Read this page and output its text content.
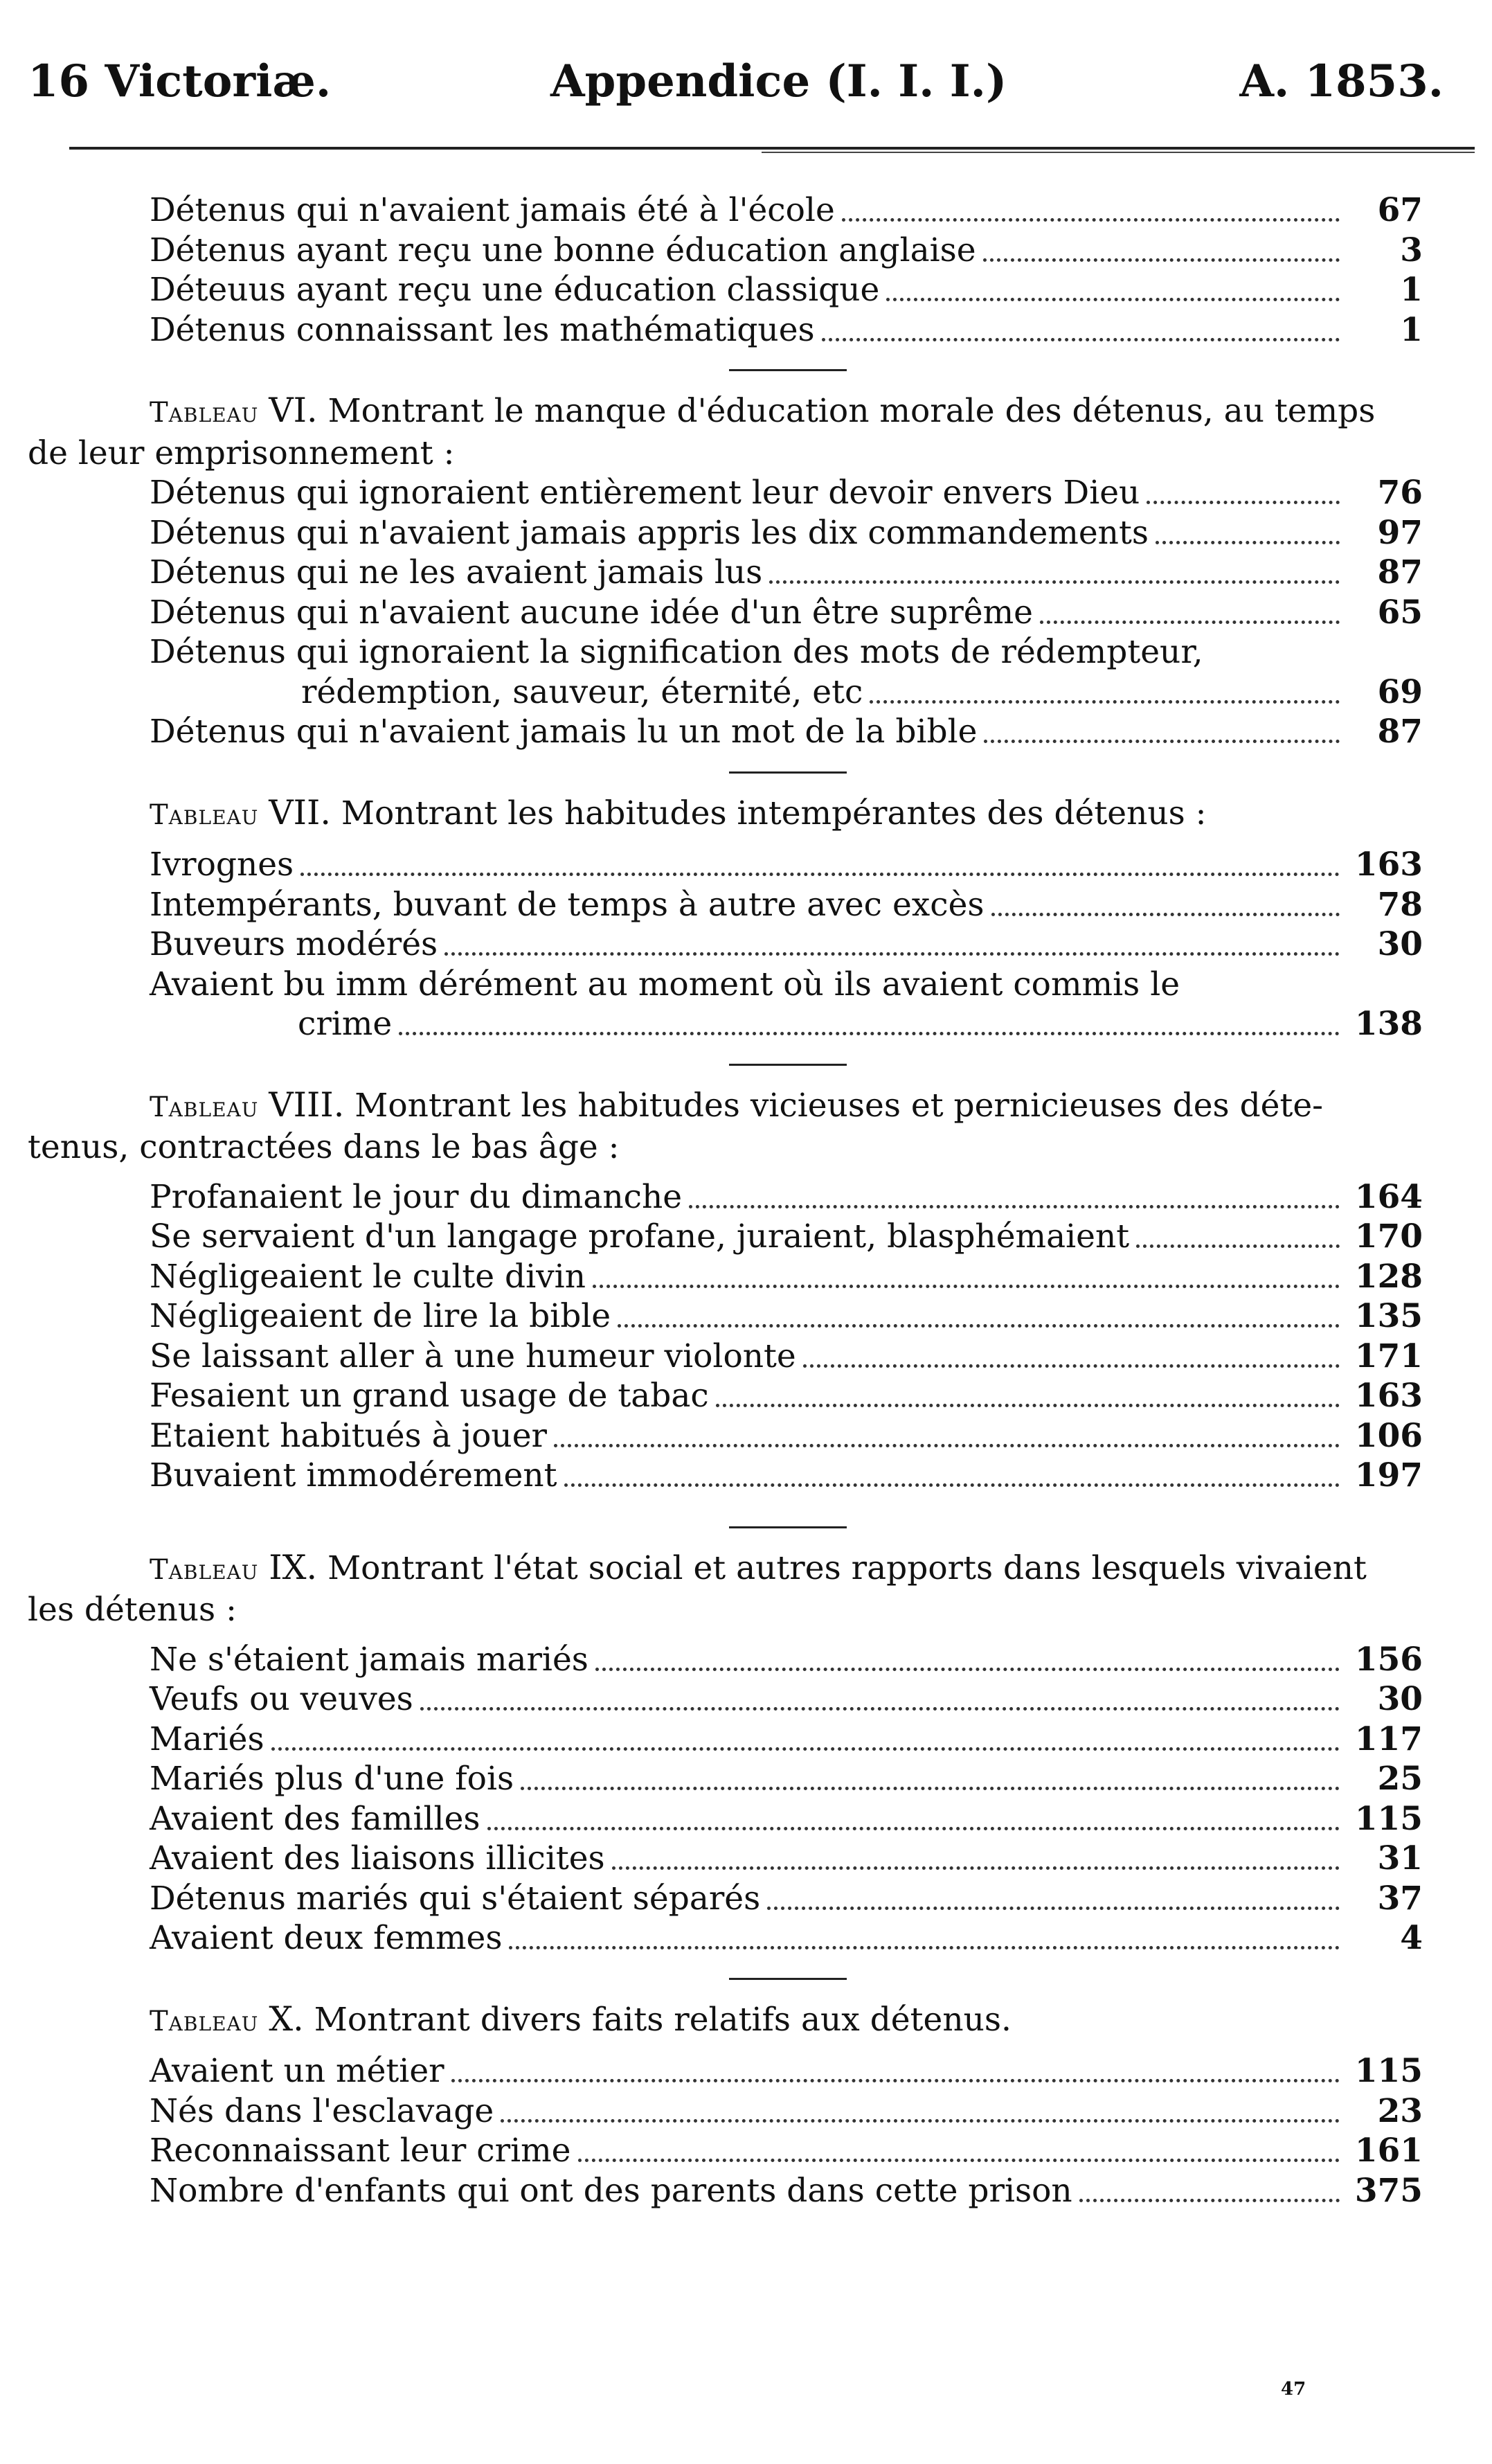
16 Victoriæ.	Appendice (I. I. I.)	A. 1853.
Détenus qui n'avaient jamais été à l'école	67
Détenus ayant reçu une bonne éducation anglaise	3
Déteuus ayant reçu une éducation classique	1
Détenus connaissant les mathématiques	1
Tableau VI. Montrant le manque d'éducation morale des détenus, au temps
de leur emprisonnement :
Détenus qui ignoraient entièrement leur devoir envers Dieu	76
Détenus qui n'avaient jamais appris les dix commandements	97
Détenus qui ne les avaient jamais lus	87
Détenus qui n'avaient aucune idée d'un être suprême	65
Détenus qui ignoraient la signification des mots de rédempteur,
rédemption, sauveur, éternité, etc	69
Détenus qui n'avaient jamais lu un mot de la bible	87
Tableau VII. Montrant les habitudes intempérantes des détenus :
Ivrognes	163
Intempérants, buvant de temps à autre avec excès	78
Buveurs modérés	30
Avaient bu imm dérément au moment où ils avaient commis le
crime	138
Tableau VIII. Montrant les habitudes vicieuses et pernicieuses des déte-
tenus, contractées dans le bas âge :
Profanaient le jour du dimanche	164
Se servaient d'un langage profane, juraient, blasphémaient	170
Négligeaient le culte divin	128
Négligeaient de lire la bible	135
Se laissant aller à une humeur violonte	171
Fesaient un grand usage de tabac	163
Etaient habitués à jouer	106
Buvaient immodérement	197
Tableau IX. Montrant l'état social et autres rapports dans lesquels vivaient
les détenus :
Ne s'étaient jamais mariés	156
Veufs ou veuves	30
Mariés	117
Mariés plus d'une fois	25
Avaient des familles	115
Avaient des liaisons illicites	31
Détenus mariés qui s'étaient séparés	37
Avaient deux femmes	4
Tableau X. Montrant divers faits relatifs aux détenus.
Avaient un métier	115
Nés dans l'esclavage	23
Reconnaissant leur crime	161
Nombre d'enfants qui ont des parents dans cette prison	375
47
